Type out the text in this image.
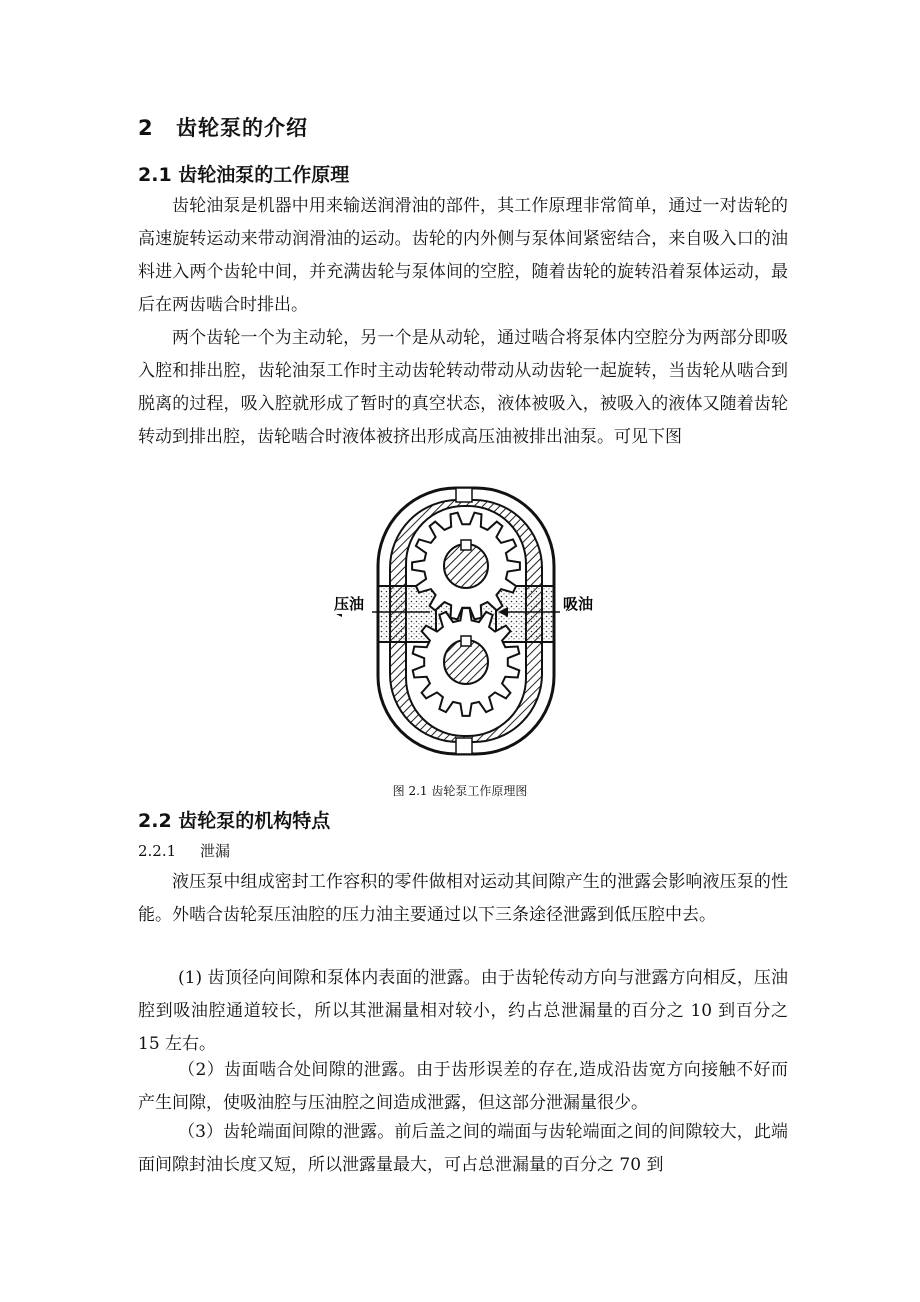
2 齿轮泵的介绍
2.1 齿轮油泵的工作原理

齿轮油泵是机器中用来输送润滑油的部件，其工作原理非常简单，通过一对齿轮的高速旋转运动来带动润滑油的运动。齿轮的内外侧与泵体间紧密结合，来自吸入口的油料进入两个齿轮中间，并充满齿轮与泵体间的空腔，随着齿轮的旋转沿着泵体运动，最后在两齿啮合时排出。

两个齿轮一个为主动轮，另一个是从动轮，通过啮合将泵体内空腔分为两部分即吸入腔和排出腔，齿轮油泵工作时主动齿轮转动带动从动齿轮一起旋转，当齿轮从啮合到脱离的过程，吸入腔就形成了暂时的真空状态，液体被吸入，被吸入的液体又随着齿轮转动到排出腔，齿轮啮合时液体被挤出形成高压油被排出油泵。可见下图

压油	吸油
图 2.1 齿轮泵工作原理图
2.2 齿轮泵的机构特点
2.2.1 泄漏

液压泵中组成密封工作容积的零件做相对运动其间隙产生的泄露会影响液压泵的性能。外啮合齿轮泵压油腔的压力油主要通过以下三条途径泄露到低压腔中去。

(1) 齿顶径向间隙和泵体内表面的泄露。由于齿轮传动方向与泄露方向相反，压油腔到吸油腔通道较长，所以其泄漏量相对较小，约占总泄漏量的百分之 10 到百分之 15 左右。

（2）齿面啮合处间隙的泄露。由于齿形误差的存在,造成沿齿宽方向接触不好而产生间隙，使吸油腔与压油腔之间造成泄露，但这部分泄漏量很少。

（3）齿轮端面间隙的泄露。前后盖之间的端面与齿轮端面之间的间隙较大，此端面间隙封油长度又短，所以泄露量最大，可占总泄漏量的百分之 70 到
